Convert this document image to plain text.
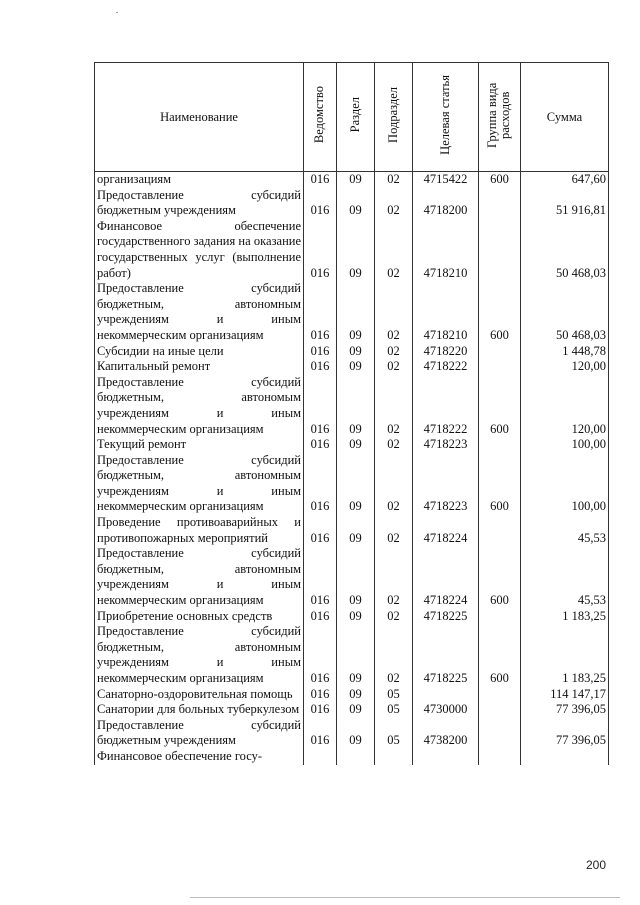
Наименование	Ведомство	Раздел	Подраздел	Целевая статья	Группа вида расходов	Сумма
организациям	016	09	02	4715422	600	647,60
Предоставление субсидий бюджетным учреждениям	016	09	02	4718200		51 916,81
Финансовое обеспечение государственного задания на оказание государственных услуг (выполнение работ)	016	09	02	4718210		50 468,03
Предоставление субсидий бюджетным, автономным учреждениям и иным некоммерческим организациям	016	09	02	4718210	600	50 468,03
Субсидии на иные цели	016	09	02	4718220		1 448,78
Капитальный ремонт	016	09	02	4718222		120,00
Предоставление субсидий бюджетным, автономым учреждениям и иным некоммерческим организациям	016	09	02	4718222	600	120,00
Текущий ремонт	016	09	02	4718223		100,00
Предоставление субсидий бюджетным, автономным учреждениям и иным некоммерческим организациям	016	09	02	4718223	600	100,00
Проведение противоаварийных и противопожарных мероприятий	016	09	02	4718224		45,53
Предоставление субсидий бюджетным, автономным учреждениям и иным некоммерческим организациям	016	09	02	4718224	600	45,53
Приобретение основных средств	016	09	02	4718225		1 183,25
Предоставление субсидий бюджетным, автономным учреждениям и иным некоммерческим организациям	016	09	02	4718225	600	1 183,25
Санаторно-оздоровительная помощь	016	09	05			114 147,17
Санатории для больных туберкулезом	016	09	05	4730000		77 396,05
Предоставление субсидий бюджетным учреждениям	016	09	05	4738200		77 396,05
Финансовое обеспечение госу-						
200
